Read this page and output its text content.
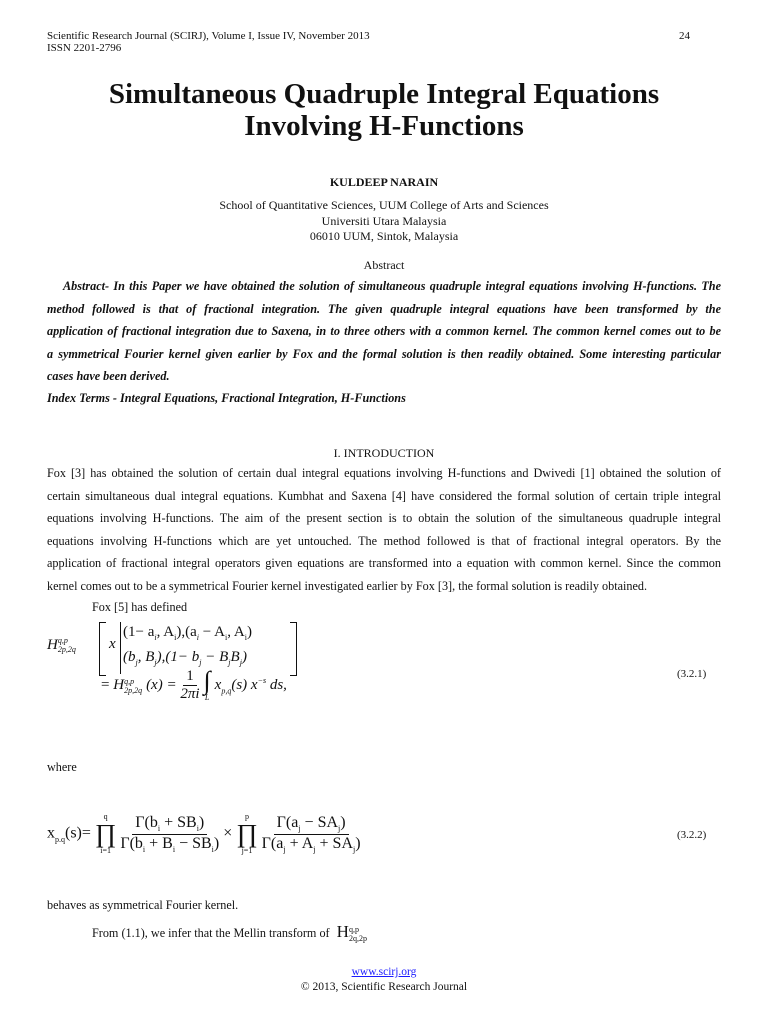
Scientific Research Journal (SCIRJ), Volume I, Issue IV, November 2013
ISSN 2201-2796
24
Simultaneous Quadruple Integral Equations
Involving H-Functions
KULDEEP NARAIN
School of Quantitative Sciences, UUM College of Arts and Sciences
Universiti Utara Malaysia
06010 UUM, Sintok, Malaysia
Abstract
Abstract- In this Paper we have obtained the solution of simultaneous quadruple integral equations involving H-functions. The
method followed is that of fractional integration. The given quadruple integral equations have been transformed by the
application of fractional integration due to Saxena, in to three others with a common kernel. The common kernel comes out to be
a symmetrical Fourier kernel given earlier by Fox and the formal solution is then readily obtained. Some interesting particular
cases have been derived.
Index Terms - Integral Equations, Fractional Integration, H-Functions
I. INTRODUCTION
Fox [3] has obtained the solution of certain dual integral equations involving H-functions and Dwivedi [1] obtained the solution of
certain simultaneous dual integral equations. Kumbhat and Saxena [4] have considered the formal solution of certain triple integral
equations involving H-functions. The aim of the present section is to obtain the solution of the simultaneous quadruple integral
equations involving H-functions which are yet untouched. The method followed is that of fractional integral operators. By the
application of fractional integral operators given equations are transformed into a equation with common kernel. Since the common
kernel comes out to be a symmetrical Fourier kernel investigated earlier by Fox [3], the formal solution is readily obtained.
Fox [5] has defined
H q,p
2p,2q x
($1- a_i$, $A_i),(a_i - A_i$, $A_i$)
($b_j$, $B_j),(1- b_j - B_jB_j)$
(3.2.1)
= H q,p
2p,2q $(x) = \frac{1}{2\pi i}$
∫
L
$x_{p,q}(s)$ $x^{-s}$ ds,
where
$x_{p.q}(s)=$
q
∏
i=1
$\frac{\Gamma(b_i + SB_i)}{\Gamma(b_i + B_i - SB_i)}$ ×
p
∏
j=1
$\frac{\Gamma(a_j - SA_j)}{\Gamma(a_j + A_j + SA_j)}$	(3.2.2)
behaves as symmetrical Fourier kernel.
From (1.1), we infer that the Mellin transform of H q,p
2q,2p
www.scirj.org
© 2013, Scientific Research Journal
